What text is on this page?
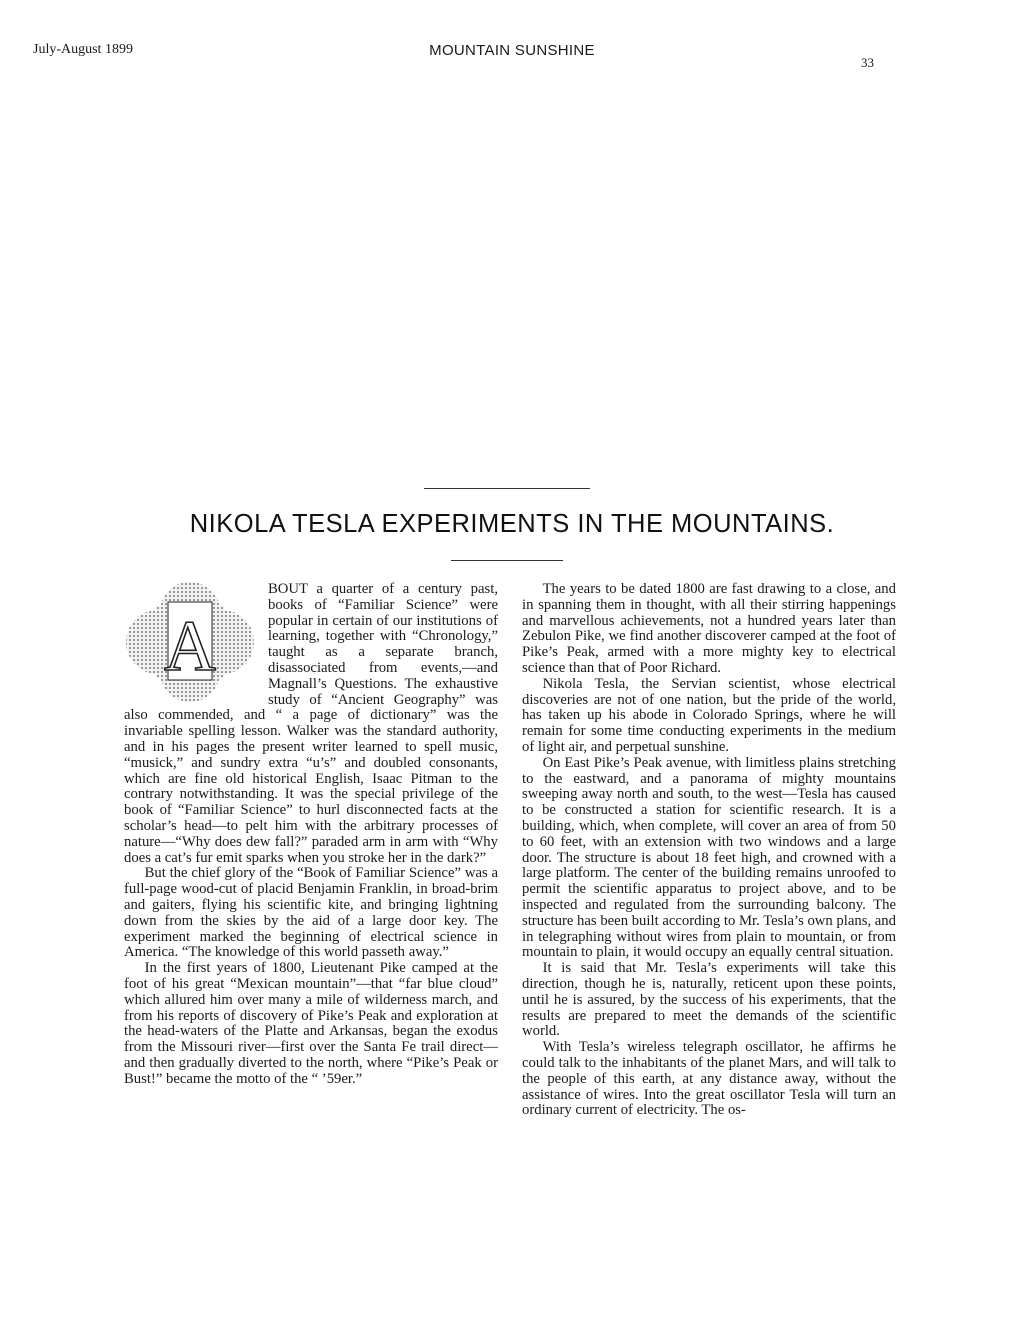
July-August 1899	MOUNTAIN SUNSHINE
33
NIKOLA TESLA EXPERIMENTS IN THE MOUNTAINS.
A

BOUT a quarter of a century past, books of “Familiar Science” were popular in certain of our institutions of learning, together with “Chronology,” taught as a separate branch, disassociated from events,—and Magnall’s Questions. The exhaustive study of “Ancient Geography” was also commended, and “ a page of dictionary” was the invariable spelling lesson. Walker was the standard authority, and in his pages the present writer learned to spell music, “musick,” and sundry extra “u’s” and doubled consonants, which are fine old historical English, Isaac Pitman to the contrary notwithstanding. It was the special privilege of the book of “Familiar Science” to hurl disconnected facts at the scholar’s head—to pelt him with the arbitrary processes of nature—“Why does dew fall?” paraded arm in arm with “Why does a cat’s fur emit sparks when you stroke her in the dark?”

But the chief glory of the “Book of Familiar Science” was a full-page wood-cut of placid Benjamin Franklin, in broad-brim and gaiters, flying his scientific kite, and bringing lightning down from the skies by the aid of a large door key. The experiment marked the beginning of electrical science in America. “The knowledge of this world passeth away.”

In the first years of 1800, Lieutenant Pike camped at the foot of his great “Mexican mountain”—that “far blue cloud” which allured him over many a mile of wilderness march, and from his reports of discovery of Pike’s Peak and exploration at the head-waters of the Platte and Arkansas, began the exodus from the Missouri river—first over the Santa Fe trail direct—and then gradually diverted to the north, where “Pike’s Peak or Bust!” became the motto of the “ ’59er.”

The years to be dated 1800 are fast drawing to a close, and in spanning them in thought, with all their stirring happenings and marvellous achievements, not a hundred years later than Zebulon Pike, we find another discoverer camped at the foot of Pike’s Peak, armed with a more mighty key to electrical science than that of Poor Richard.

Nikola Tesla, the Servian scientist, whose electrical discoveries are not of one nation, but the pride of the world, has taken up his abode in Colorado Springs, where he will remain for some time conducting experiments in the medium of light air, and perpetual sunshine.

On East Pike’s Peak avenue, with limitless plains stretching to the eastward, and a panorama of mighty mountains sweeping away north and south, to the west—Tesla has caused to be constructed a station for scientific research. It is a building, which, when complete, will cover an area of from 50 to 60 feet, with an extension with two windows and a large door. The structure is about 18 feet high, and crowned with a large platform. The center of the building remains unroofed to permit the scientific apparatus to project above, and to be inspected and regulated from the surrounding balcony. The structure has been built according to Mr. Tesla’s own plans, and in telegraphing without wires from plain to mountain, or from mountain to plain, it would occupy an equally central situation.

It is said that Mr. Tesla’s experiments will take this direction, though he is, naturally, reticent upon these points, until he is assured, by the success of his experiments, that the results are prepared to meet the demands of the scientific world.

With Tesla’s wireless telegraph oscillator, he affirms he could talk to the inhabitants of the planet Mars, and will talk to the people of this earth, at any distance away, without the assistance of wires. Into the great oscillator Tesla will turn an ordinary current of electricity. The os-
